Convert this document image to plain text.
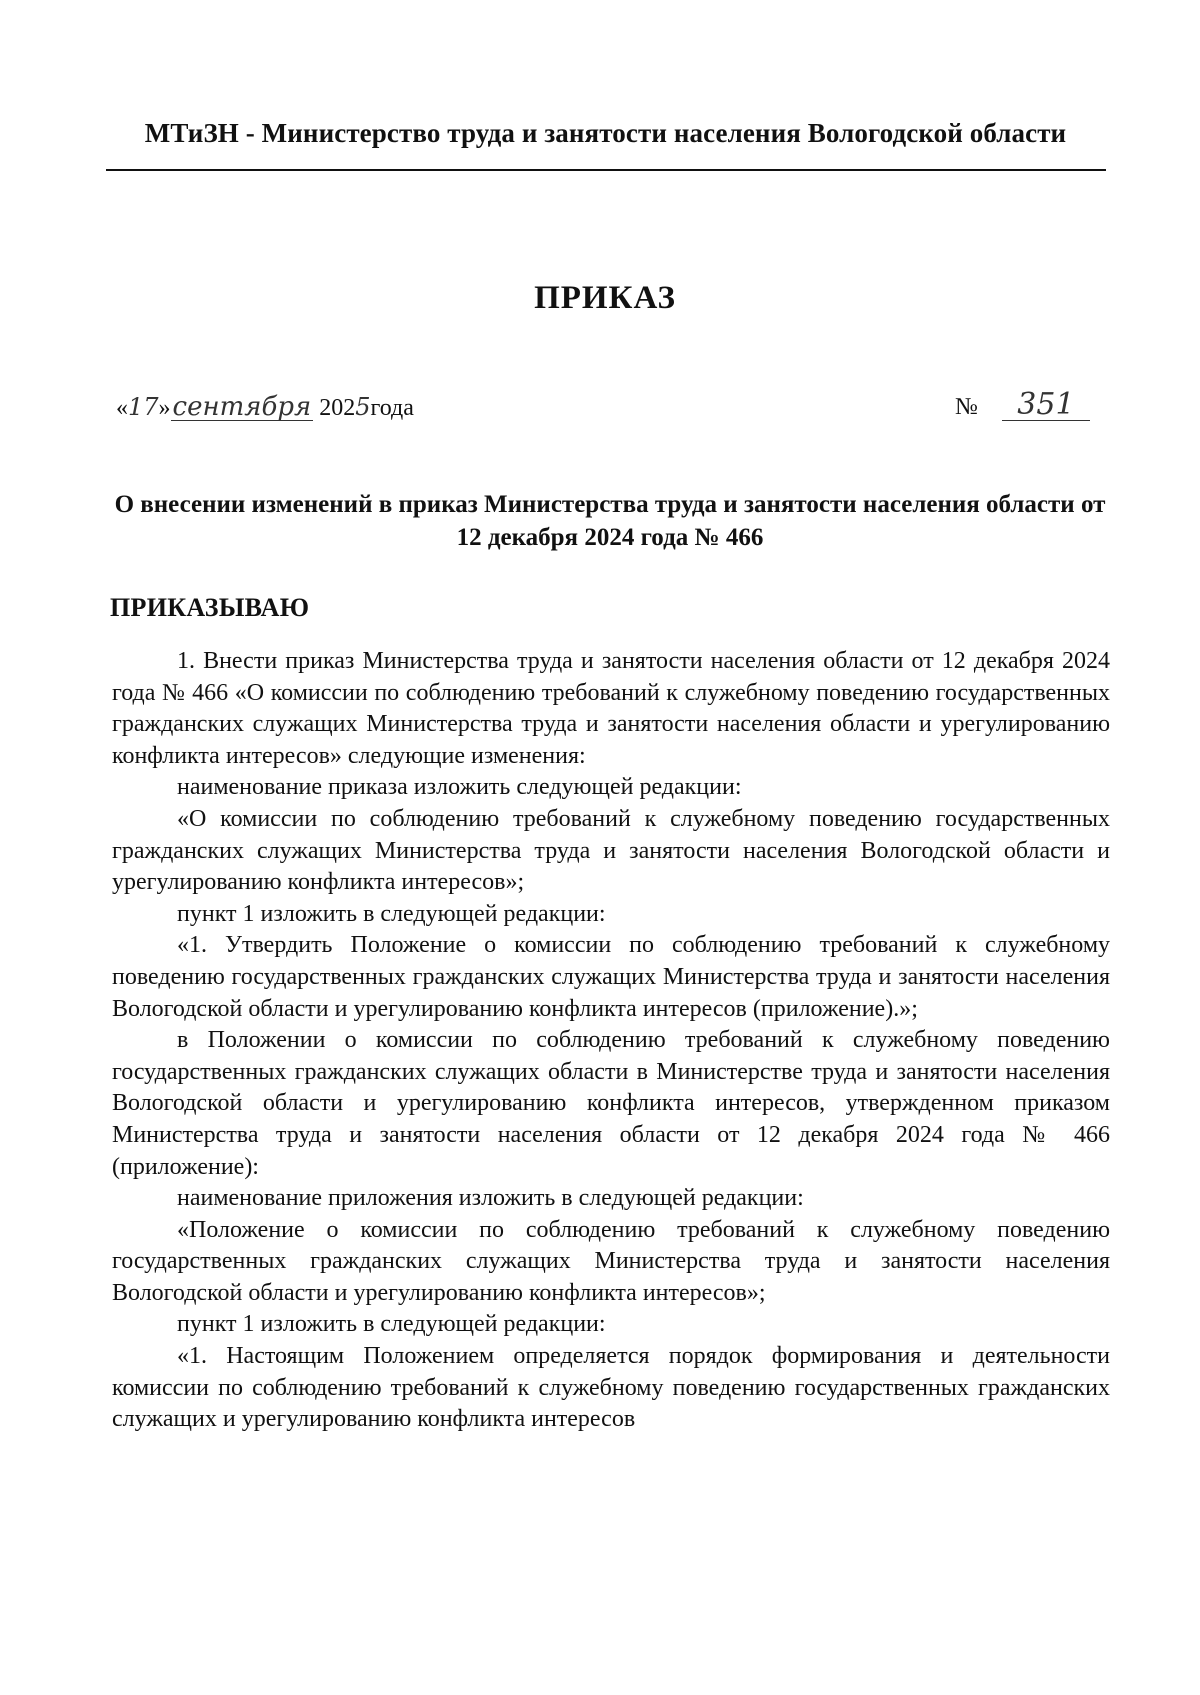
МТиЗН - Министерство труда и занятости населения Вологодской области
ПРИКАЗ
« 17 » сентября 202 5 года	№	351
О внесении изменений в приказ Министерства труда и занятости населения области от 12 декабря 2024 года № 466
ПРИКАЗЫВАЮ

1. Внести приказ Министерства труда и занятости населения области от 12 декабря 2024 года № 466 «О комиссии по соблюдению требований к служебному поведению государственных гражданских служащих Министерства труда и занятости населения области и урегулированию конфликта интересов» следующие изменения:

наименование приказа изложить следующей редакции:

«О комиссии по соблюдению требований к служебному поведению государственных гражданских служащих Министерства труда и занятости населения Вологодской области и урегулированию конфликта интересов»;

пункт 1 изложить в следующей редакции:

«1. Утвердить Положение о комиссии по соблюдению требований к служебному поведению государственных гражданских служащих Министерства труда и занятости населения Вологодской области и урегулированию конфликта интересов (приложение).»;

в Положении о комиссии по соблюдению требований к служебному поведению государственных гражданских служащих области в Министерстве труда и занятости населения Вологодской области и урегулированию конфликта интересов, утвержденном приказом Министерства труда и занятости населения области от 12 декабря 2024 года № 466 (приложение):

наименование приложения изложить в следующей редакции:

«Положение о комиссии по соблюдению требований к служебному поведению государственных гражданских служащих Министерства труда и занятости населения Вологодской области и урегулированию конфликта интересов»;

пункт 1 изложить в следующей редакции:

«1. Настоящим Положением определяется порядок формирования и деятельности комиссии по соблюдению требований к служебному поведению государственных гражданских служащих и урегулированию конфликта интересов
